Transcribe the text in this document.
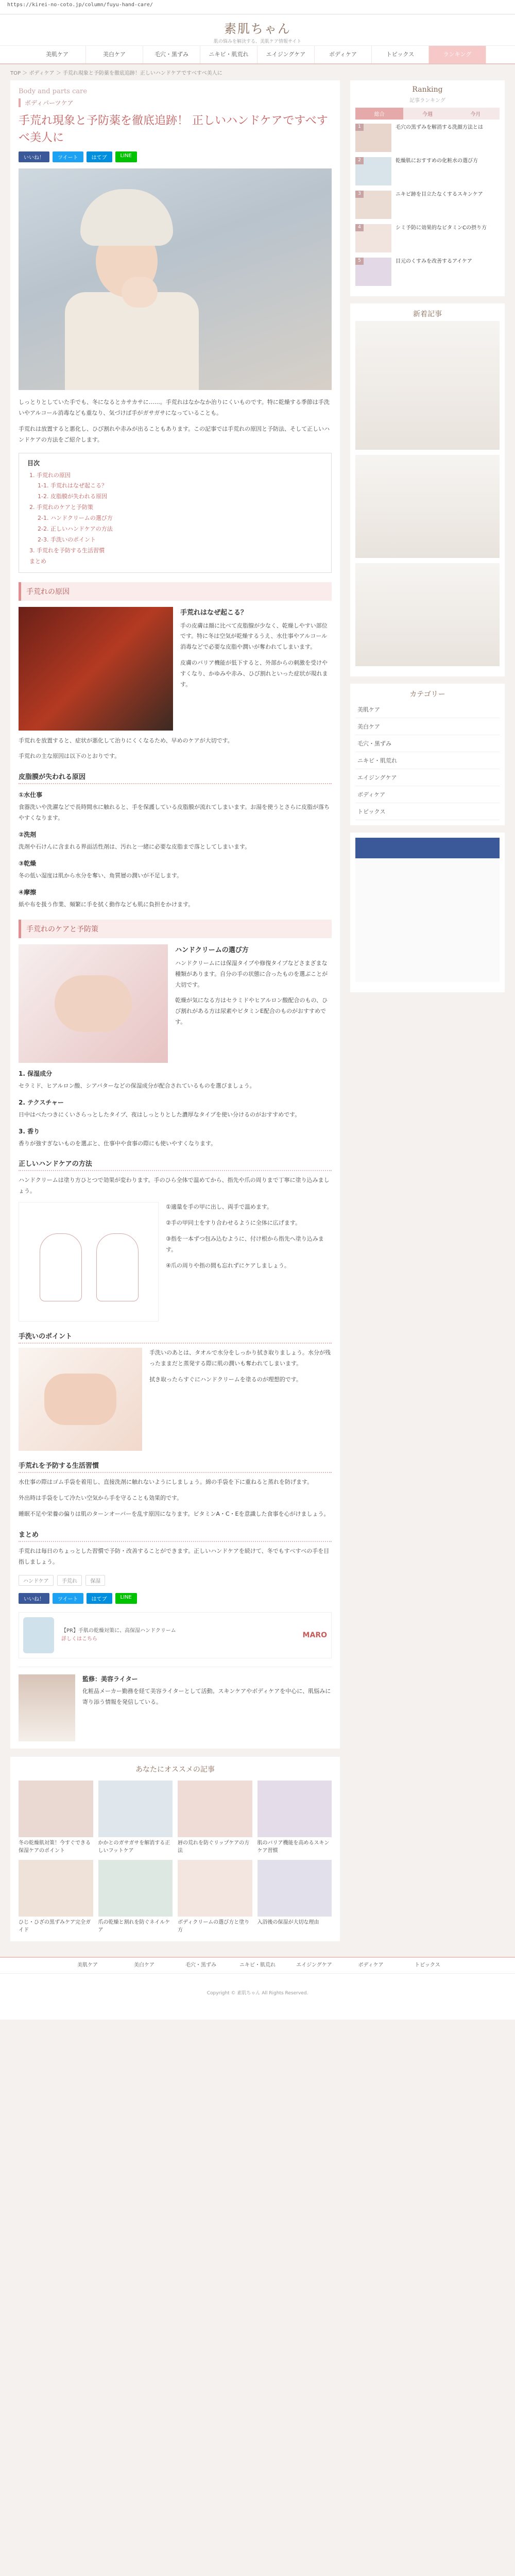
https://kirei-no-coto.jp/column/fuyu-hand-care/
素肌ちゃん
肌の悩みを解決する、美肌ケア情報サイト
美肌ケア	美白ケア	毛穴・黒ずみ	ニキビ・肌荒れ	エイジングケア	ボディケア	トピックス	ランキング
TOP ＞ ボディケア ＞ 手荒れ現象と予防薬を徹底追跡！正しいハンドケアですべすべ美人に
Body and parts care
ボディパーツケア
手荒れ現象と予防薬を徹底追跡！ 正しいハンドケアですべすべ美人に
いいね！	ツイート	はてブ	LINE

しっとりとしていた手でも、冬になるとカサカサに……。手荒れはなかなか治りにくいものです。特に乾燥する季節は手洗いやアルコール消毒なども重なり、気づけば手がガサガサになっていることも。

手荒れは放置すると悪化し、ひび割れや赤みが出ることもあります。この記事では手荒れの原因と予防法、そして正しいハンドケアの方法をご紹介します。

目次
1. 手荒れの原因
1-1. 手荒れはなぜ起こる？
1-2. 皮脂膜が失われる原因
2. 手荒れのケアと予防策
2-1. ハンドクリームの選び方
2-2. 正しいハンドケアの方法
2-3. 手洗いのポイント
3. 手荒れを予防する生活習慣
まとめ
手荒れの原因
手荒れはなぜ起こる？

手の皮膚は顔に比べて皮脂腺が少なく、乾燥しやすい部位です。特に冬は空気が乾燥するうえ、水仕事やアルコール消毒などで必要な皮脂や潤いが奪われてしまいます。

皮膚のバリア機能が低下すると、外部からの刺激を受けやすくなり、かゆみや赤み、ひび割れといった症状が現れます。

手荒れを放置すると、症状が悪化して治りにくくなるため、早めのケアが大切です。

手荒れの主な原因は以下のとおりです。

皮脂膜が失われる原因
①水仕事

食器洗いや洗濯などで長時間水に触れると、手を保護している皮脂膜が流れてしまいます。お湯を使うとさらに皮脂が落ちやすくなります。

②洗剤

洗剤や石けんに含まれる界面活性剤は、汚れと一緒に必要な皮脂まで落としてしまいます。

③乾燥

冬の低い湿度は肌から水分を奪い、角質層の潤いが不足します。

④摩擦

紙や布を扱う作業、頻繁に手を拭く動作なども肌に負担をかけます。

手荒れのケアと予防策
ハンドクリームの選び方

ハンドクリームには保湿タイプや修復タイプなどさまざまな種類があります。自分の手の状態に合ったものを選ぶことが大切です。

乾燥が気になる方はセラミドやヒアルロン酸配合のもの、ひび割れがある方は尿素やビタミンE配合のものがおすすめです。

1. 保湿成分

セラミド、ヒアルロン酸、シアバターなどの保湿成分が配合されているものを選びましょう。

2. テクスチャー

日中はべたつきにくいさらっとしたタイプ、夜はしっとりとした濃厚なタイプを使い分けるのがおすすめです。

3. 香り

香りが強すぎないものを選ぶと、仕事中や食事の際にも使いやすくなります。

正しいハンドケアの方法

ハンドクリームは塗り方ひとつで効果が変わります。手のひら全体で温めてから、指先や爪の周りまで丁寧に塗り込みましょう。

①適量を手の甲に出し、両手で温めます。

②手の甲同士をすり合わせるように全体に広げます。

③指を一本ずつ包み込むように、付け根から指先へ塗り込みます。

④爪の周りや指の間も忘れずにケアしましょう。

手洗いのポイント

手洗いのあとは、タオルで水分をしっかり拭き取りましょう。水分が残ったままだと蒸発する際に肌の潤いも奪われてしまいます。

拭き取ったらすぐにハンドクリームを塗るのが理想的です。

手荒れを予防する生活習慣

水仕事の際はゴム手袋を着用し、直接洗剤に触れないようにしましょう。綿の手袋を下に重ねると蒸れを防げます。

外出時は手袋をして冷たい空気から手を守ることも効果的です。

睡眠不足や栄養の偏りは肌のターンオーバーを乱す原因になります。ビタミンA・C・Eを意識した食事を心がけましょう。

まとめ

手荒れは毎日のちょっとした習慣で予防・改善することができます。正しいハンドケアを続けて、冬でもすべすべの手を目指しましょう。

ハンドケア	手荒れ	保湿
いいね！	ツイート	はてブ	LINE
【PR】手肌の乾燥対策に、高保湿ハンドクリーム
詳しくはこちら	MARO
監修：美容ライター

化粧品メーカー勤務を経て美容ライターとして活動。スキンケアやボディケアを中心に、肌悩みに寄り添う情報を発信している。

Ranking
記事ランキング
総合	今週	今月
1	毛穴の黒ずみを解消する洗顔方法とは
2	乾燥肌におすすめの化粧水の選び方
3	ニキビ跡を目立たなくするスキンケア
4	シミ予防に効果的なビタミンCの摂り方
5	目元のくすみを改善するアイケア
新着記事
カテゴリー
美肌ケア
美白ケア
毛穴・黒ずみ
ニキビ・肌荒れ
エイジングケア
ボディケア
トピックス
あなたにオススメの記事
冬の乾燥肌対策！今すぐできる保湿ケアのポイント
かかとのガサガサを解消する正しいフットケア
唇の荒れを防ぐリップケアの方法
肌のバリア機能を高めるスキンケア習慣
ひじ・ひざの黒ずみケア完全ガイド
爪の乾燥と割れを防ぐネイルケア
ボディクリームの選び方と塗り方
入浴後の保湿が大切な理由
美肌ケア	美白ケア	毛穴・黒ずみ	ニキビ・肌荒れ	エイジングケア	ボディケア	トピックス
Copyright © 素肌ちゃん All Rights Reserved.
